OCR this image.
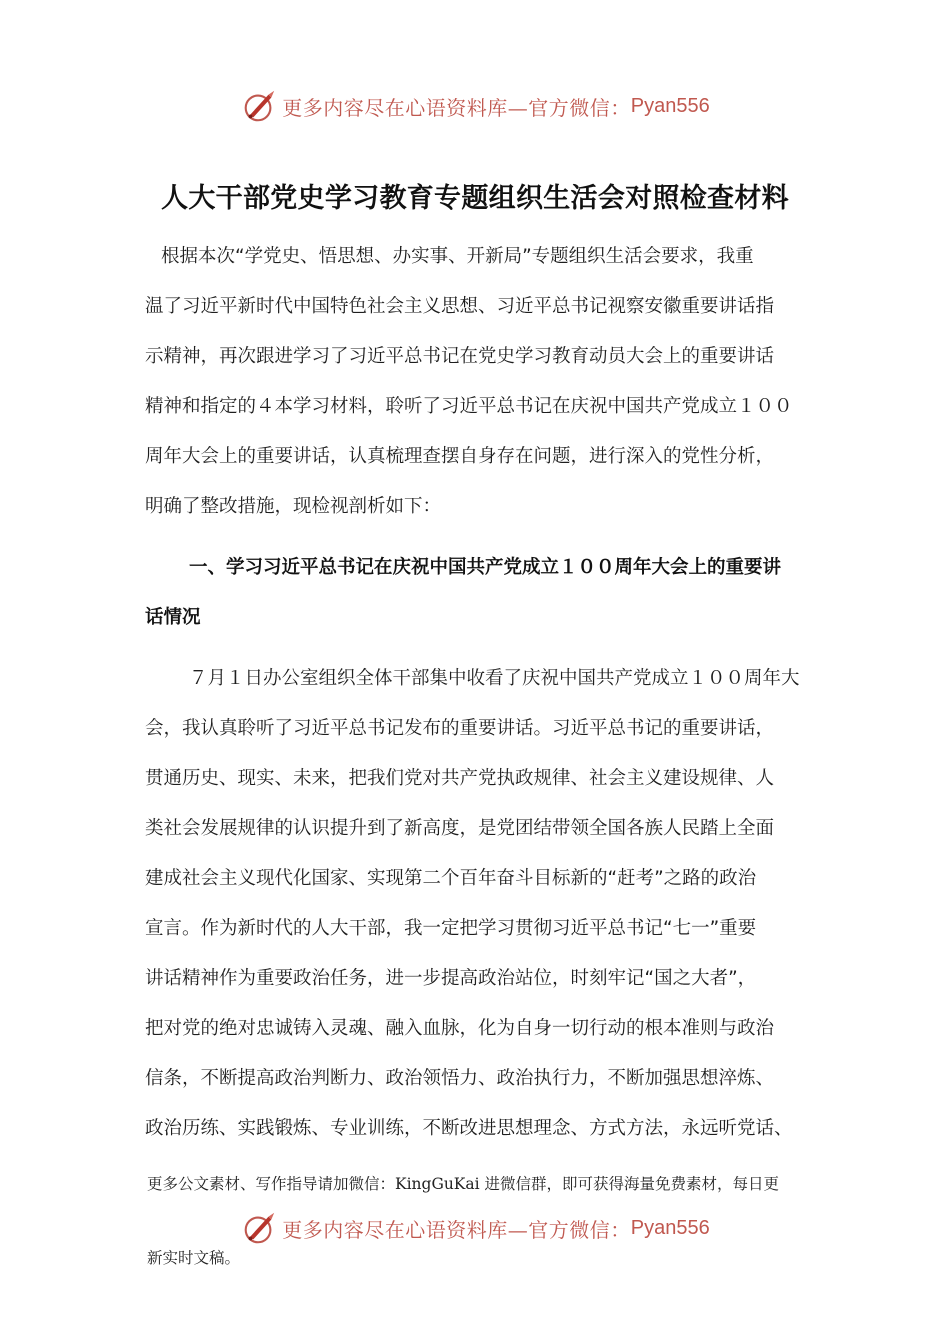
更多内容尽在心语资料库—官方微信： Pyan556
人大干部党史学习教育专题组织生活会对照检查材料
根据本次“学党史、悟思想、办实事、开新局”专题组织生活会要求，我重
温了习近平新时代中国特色社会主义思想、习近平总书记视察安徽重要讲话指
示精神，再次跟进学习了习近平总书记在党史学习教育动员大会上的重要讲话
精神和指定的４本学习材料，聆听了习近平总书记在庆祝中国共产党成立１００
周年大会上的重要讲话，认真梳理查摆自身存在问题，进行深入的党性分析，
明确了整改措施，现检视剖析如下：
一、学习习近平总书记在庆祝中国共产党成立１００周年大会上的重要讲
话情况
７月１日办公室组织全体干部集中收看了庆祝中国共产党成立１００周年大
会，我认真聆听了习近平总书记发布的重要讲话。习近平总书记的重要讲话，
贯通历史、现实、未来，把我们党对共产党执政规律、社会主义建设规律、人
类社会发展规律的认识提升到了新高度，是党团结带领全国各族人民踏上全面
建成社会主义现代化国家、实现第二个百年奋斗目标新的“赶考”之路的政治
宣言。作为新时代的人大干部，我一定把学习贯彻习近平总书记“七一”重要
讲话精神作为重要政治任务，进一步提高政治站位，时刻牢记“国之大者”，
把对党的绝对忠诚铸入灵魂、融入血脉，化为自身一切行动的根本准则与政治
信条，不断提高政治判断力、政治领悟力、政治执行力，不断加强思想淬炼、
政治历练、实践锻炼、专业训练，不断改进思想理念、方式方法，永远听党话、
更多公文素材、写作指导请加微信：KingGuKai 进微信群，即可获得海量免费素材，每日更
更多内容尽在心语资料库—官方微信： Pyan556
新实时文稿。
